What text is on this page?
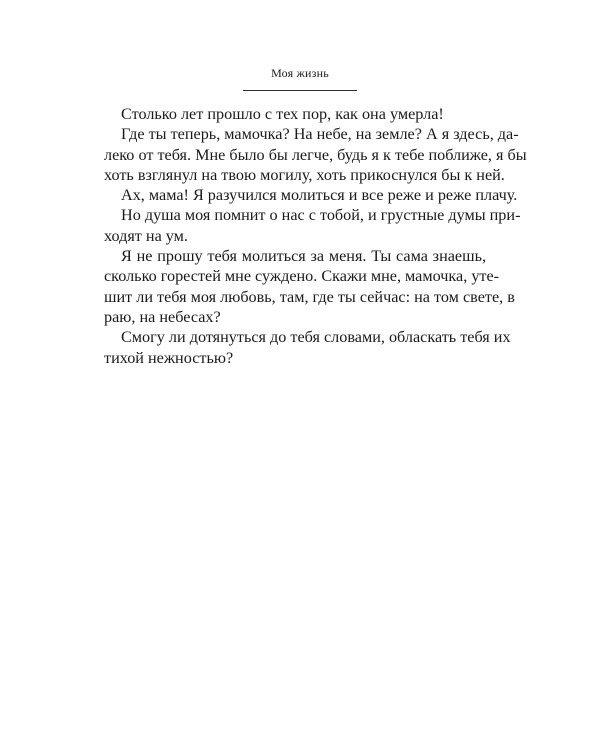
Моя жизнь

Столько лет прошло с тех пор, как она умерла!

Где ты теперь, мамочка? На небе, на земле? А я здесь, да-
леко от тебя. Мне было бы легче, будь я к тебе поближе, я бы
хоть взглянул на твою могилу, хоть прикоснулся бы к ней.

Ах, мама! Я разучился молиться и все реже и реже плачу.

Но душа моя помнит о нас с тобой, и грустные думы при-
ходят на ум.

Я не прошу тебя молиться за меня. Ты сама знаешь,
сколько горестей мне суждено. Скажи мне, мамочка, уте-
шит ли тебя моя любовь, там, где ты сейчас: на том свете, в
раю, на небесах?

Смогу ли дотянуться до тебя словами, обласкать тебя их
тихой нежностью?
